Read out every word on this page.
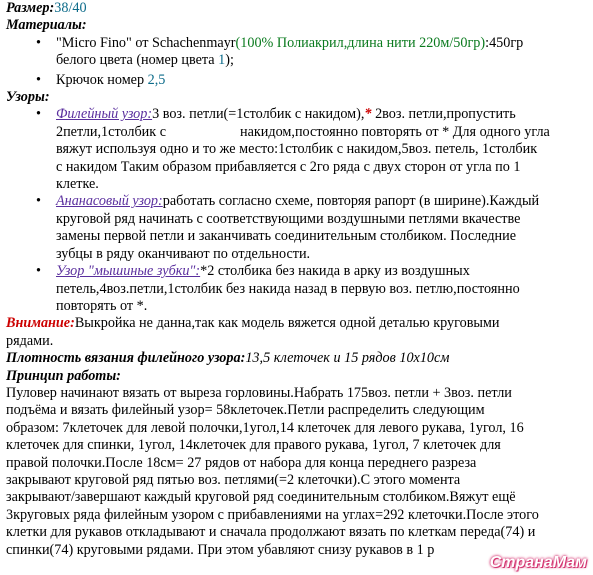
Размер:38/40
Материалы:
• "Micro Fino" от Schachenmayr(100% Полиакрил,длина нити 220м/50гр):450гр
белого цвета (номер цвета 1);
• Крючок номер 2,5
Узоры:
• Филейный узор:3 воз. петли(=1столбик с накидом),* 2воз. петли,пропустить
2петли,1столбик с	накидом,постоянно повторять от * Для одного угла
вяжут используя одно и то же место:1столбик с накидом,5воз. петель, 1столбик
с накидом Таким образом прибавляется с 2го ряда с двух сторон от угла по 1
клетке.
• Ананасовый узор:работать согласно схеме, повторяя рапорт (в ширине).Каждый
круговой ряд начинать с соответствующими воздушными петлями вкачестве
замены первой петли и заканчивать соединительным столбиком. Последние
зубцы в ряду оканчивают по отдельности.
• Узор "мышиные зубки":*2 столбика без накида в арку из воздушных
петель,4воз.петли,1столбик без накида назад в первую воз. петлю,постоянно
повторять от *.
Внимание:Выкройка не данна,так как модель вяжется одной деталью круговыми
рядами.
Плотность вязания филейного узора:13,5 клеточек и 15 рядов 10х10см
Принцип работы:
Пуловер начинают вязать от выреза горловины.Набрать 175воз. петли + 3воз. петли
подъёма и вязать филейный узор= 58клеточек.Петли распределить следующим
образом: 7клеточек для левой полочки,1угол,14 клеточек для левого рукава, 1угол, 16
клеточек для спинки, 1угол, 14клеточек для правого рукава, 1угол, 7 клеточек для
правой полочки.После 18см= 27 рядов от набора для конца переднего разреза
закрывают круговой ряд пятью воз. петлями(=2 клеточки).С этого момента
закрывают/завершают каждый круговой ряд соединительным столбиком.Вяжут ещё
3круговых ряда филейным узором с прибавлениями на углах=292 клеточки.После этого
клетки для рукавов откладывают и сначала продолжают вязать по клеткам переда(74) и
спинки(74) круговыми рядами. При этом убавляют снизу рукавов в 1 р
СтранаМам
